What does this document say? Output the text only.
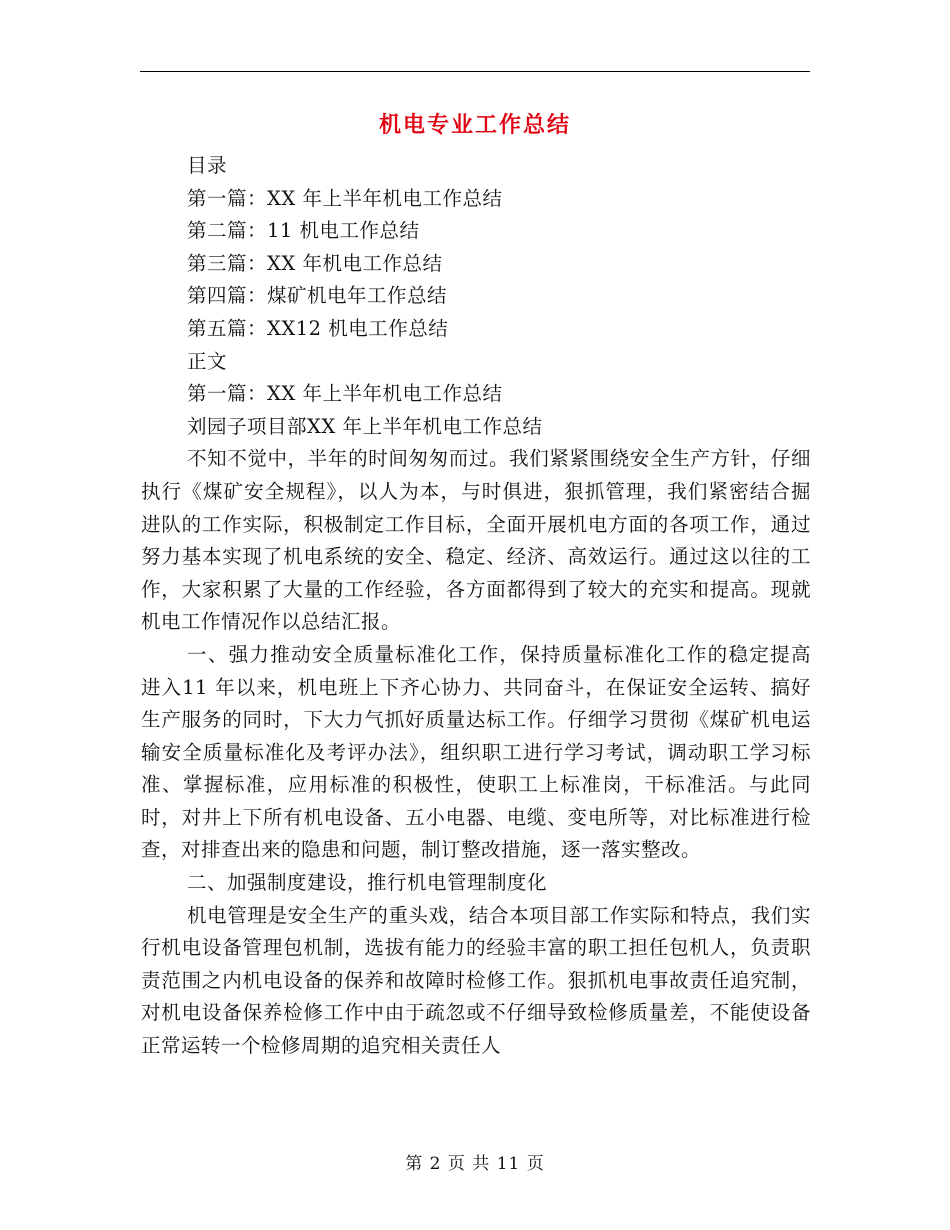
机电专业工作总结

目录

第一篇：XX 年上半年机电工作总结

第二篇：11 机电工作总结

第三篇：XX 年机电工作总结

第四篇：煤矿机电年工作总结

第五篇：XX12 机电工作总结

正文

第一篇：XX 年上半年机电工作总结

刘园子项目部XX 年上半年机电工作总结

不知不觉中，半年的时间匆匆而过。我们紧紧围绕安全生产方针，仔细执行《煤矿安全规程》，以人为本，与时俱进，狠抓管理，我们紧密结合掘进队的工作实际，积极制定工作目标，全面开展机电方面的各项工作，通过努力基本实现了机电系统的安全、稳定、经济、高效运行。通过这以往的工作，大家积累了大量的工作经验，各方面都得到了较大的充实和提高。现就机电工作情况作以总结汇报。

一、强力推动安全质量标准化工作，保持质量标准化工作的稳定提高 进入11 年以来，机电班上下齐心协力、共同奋斗，在保证安全运转、搞好生产服务的同时，下大力气抓好质量达标工作。仔细学习贯彻《煤矿机电运输安全质量标准化及考评办法》，组织职工进行学习考试，调动职工学习标准、掌握标准，应用标准的积极性，使职工上标准岗，干标准活。与此同时，对井上下所有机电设备、五小电器、电缆、变电所等，对比标准进行检查，对排查出来的隐患和问题，制订整改措施，逐一落实整改。

二、加强制度建设，推行机电管理制度化

机电管理是安全生产的重头戏，结合本项目部工作实际和特点，我们实行机电设备管理包机制，选拔有能力的经验丰富的职工担任包机人，负责职责范围之内机电设备的保养和故障时检修工作。狠抓机电事故责任追究制，对机电设备保养检修工作中由于疏忽或不仔细导致检修质量差，不能使设备正常运转一个检修周期的追究相关责任人

第 2 页 共 11 页
